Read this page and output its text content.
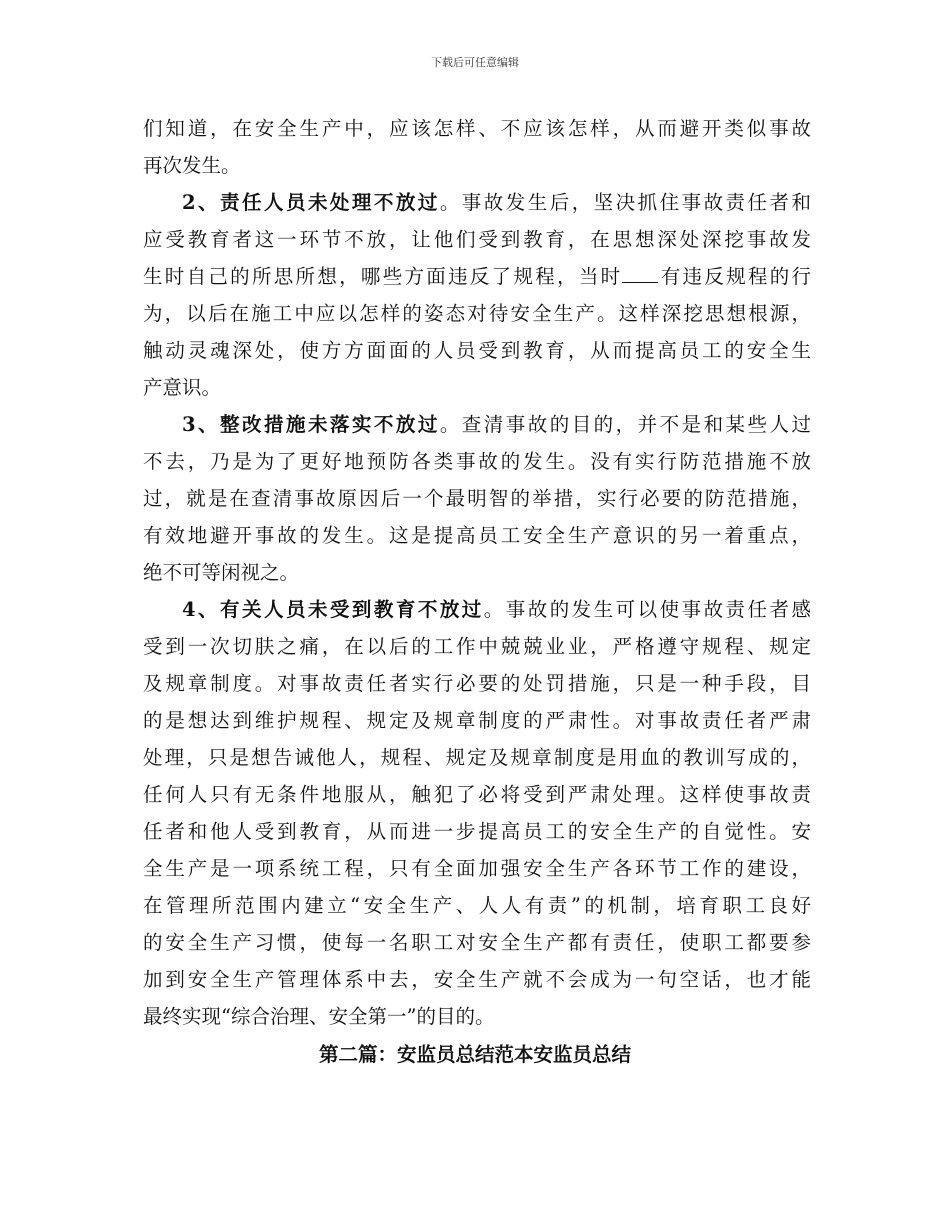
下载后可任意编辑
们知道，在安全生产中，应该怎样、不应该怎样，从而避开类似事故
再次发生。
2、责任人员未处理不放过。事故发生后，坚决抓住事故责任者和
应受教育者这一环节不放，让他们受到教育，在思想深处深挖事故发
生时自己的所思所想，哪些方面违反了规程，当时 有违反规程的行
为，以后在施工中应以怎样的姿态对待安全生产。这样深挖思想根源，
触动灵魂深处，使方方面面的人员受到教育，从而提高员工的安全生
产意识。
3、整改措施未落实不放过。查清事故的目的，并不是和某些人过
不去，乃是为了更好地预防各类事故的发生。没有实行防范措施不放
过，就是在查清事故原因后一个最明智的举措，实行必要的防范措施，
有效地避开事故的发生。这是提高员工安全生产意识的另一着重点，
绝不可等闲视之。
4、有关人员未受到教育不放过。事故的发生可以使事故责任者感
受到一次切肤之痛，在以后的工作中兢兢业业，严格遵守规程、规定
及规章制度。对事故责任者实行必要的处罚措施，只是一种手段，目
的是想达到维护规程、规定及规章制度的严肃性。对事故责任者严肃
处理，只是想告诫他人，规程、规定及规章制度是用血的教训写成的，
任何人只有无条件地服从，触犯了必将受到严肃处理。这样使事故责
任者和他人受到教育，从而进一步提高员工的安全生产的自觉性。安
全生产是一项系统工程，只有全面加强安全生产各环节工作的建设，
在管理所范围内建立“安全生产、人人有责”的机制，培育职工良好
的安全生产习惯，使每一名职工对安全生产都有责任，使职工都要参
加到安全生产管理体系中去，安全生产就不会成为一句空话，也才能
最终实现“综合治理、安全第一”的目的。
第二篇：安监员总结范本安监员总结
